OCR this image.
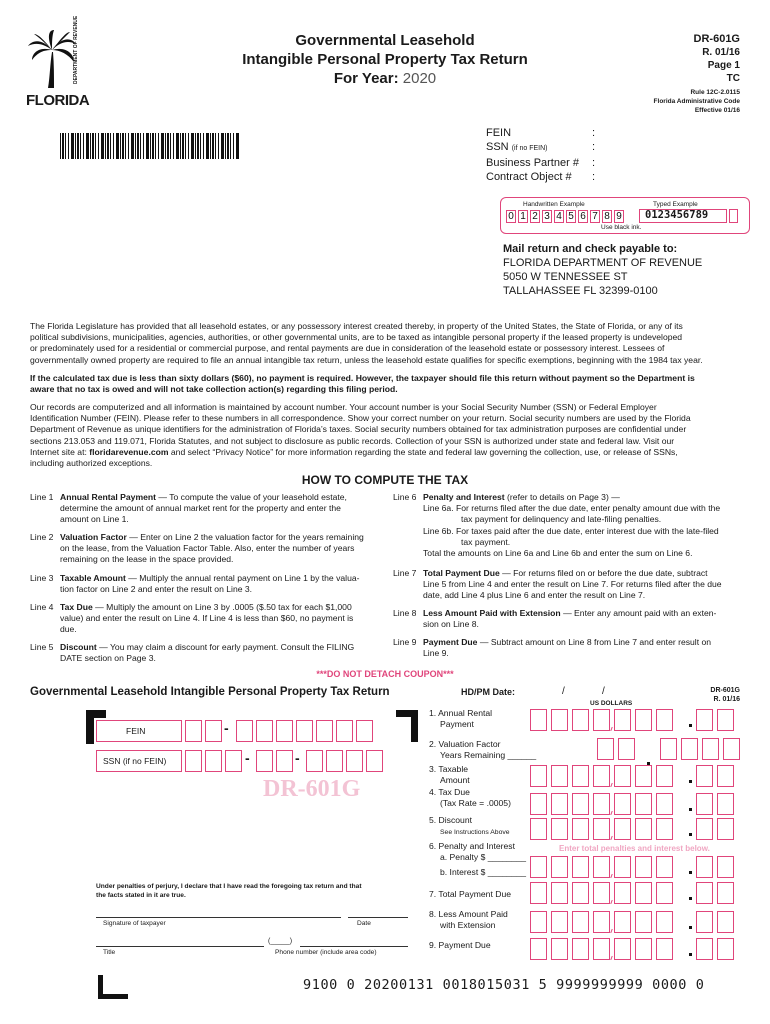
DEPARTMENT OF REVENUE
FLORIDA
Governmental Leasehold
Intangible Personal Property Tax Return
For Year: 2020
DR-601G
R. 01/16
Page 1
TC
Rule 12C-2.0115
Florida Administrative Code
Effective 01/16
FEIN	:
SSN (if no FEIN)	:
Business Partner # :
Contract Object # :
Handwritten Example	Typed Example
0 1 2 3 4 5 6 7 8 9 0123456789
Use black ink.
Mail return and check payable to:
FLORIDA DEPARTMENT OF REVENUE
5050 W TENNESSEE ST
TALLAHASSEE FL 32399-0100
The Florida Legislature has provided that all leasehold estates, or any possessory interest created thereby, in property of the United States, the State of Florida, or any of its
political subdivisions, municipalities, agencies, authorities, or other governmental units, are to be taxed as intangible personal property if the leased property is undeveloped
or predominately used for a residential or commercial purpose, and rental payments are due in consideration of the leasehold estate or possessory interest. Lessees of
governmentally owned property are required to file an annual intangible tax return, unless the leasehold estate qualifies for specific exemptions, beginning with the 1984 tax year.
If the calculated tax due is less than sixty dollars ($60), no payment is required. However, the taxpayer should file this return without payment so the Department is
aware that no tax is owed and will not take collection action(s) regarding this filing period.
Our records are computerized and all information is maintained by account number. Your account number is your Social Security Number (SSN) or Federal Employer
Identification Number (FEIN). Please refer to these numbers in all correspondence. Show your correct number on your return. Social security numbers are used by the Florida
Department of Revenue as unique identifiers for the administration of Florida’s taxes. Social security numbers obtained for tax administration purposes are confidential under
sections 213.053 and 119.071, Florida Statutes, and not subject to disclosure as public records. Collection of your SSN is authorized under state and federal law. Visit our
Internet site at: floridarevenue.com and select “Privacy Notice” for more information regarding the state and federal law governing the collection, use, or release of SSNs,
including authorized exceptions.
HOW TO COMPUTE THE TAX
Line 1 Annual Rental Payment — To compute the value of your leasehold estate,
determine the amount of annual market rent for the property and enter the
amount on Line 1.
Line 2 Valuation Factor — Enter on Line 2 the valuation factor for the years remaining
on the lease, from the Valuation Factor Table. Also, enter the number of years
remaining on the lease in the space provided.
Line 3 Taxable Amount — Multiply the annual rental payment on Line 1 by the valua-
tion factor on Line 2 and enter the result on Line 3.
Line 4 Tax Due — Multiply the amount on Line 3 by .0005 ($.50 tax for each $1,000
value) and enter the result on Line 4. If Line 4 is less than $60, no payment is
due.
Line 5 Discount — You may claim a discount for early payment. Consult the FILING
DATE section on Page 3.
Line 6 Penalty and Interest (refer to details on Page 3) —
Line 6a. For returns filed after the due date, enter penalty amount due with the
tax payment for delinquency and late-filing penalties.
Line 6b. For taxes paid after the due date, enter interest due with the late-filed
tax payment.
Total the amounts on Line 6a and Line 6b and enter the sum on Line 6.
Line 7 Total Payment Due — For returns filed on or before the due date, subtract
Line 5 from Line 4 and enter the result on Line 7. For returns filed after the due
date, add Line 4 plus Line 6 and enter the result on Line 7.
Line 8 Less Amount Paid with Extension — Enter any amount paid with an exten-
sion on Line 8.
Line 9 Payment Due — Subtract amount on Line 8 from Line 7 and enter result on
Line 9.
***DO NOT DETACH COUPON***
Governmental Leasehold Intangible Personal Property Tax Return	HD/PM Date:	/	/
US DOLLARS
DR-601G
R. 01/16
FEIN	-
SSN (if no FEIN)	-	-
DR-601G
1. Annual Rental
Payment
2. Valuation Factor
Years Remaining ______
3. Taxable
Amount
4. Tax Due
(Tax Rate = .0005)
5. Discount
See Instructions Above
6. Penalty and Interest
a. Penalty $ ________
b. Interest $ ________
7. Total Payment Due
8. Less Amount Paid
with Extension
9. Payment Due
Enter total penalties and interest below.
Under penalties of perjury, I declare that I have read the foregoing tax return and that
the facts stated in it are true.
Signature of taxpayer	Date
(_____)
Title	Phone number (include area code)
9100 0 20200131 0018015031 5 9999999999 0000 0
